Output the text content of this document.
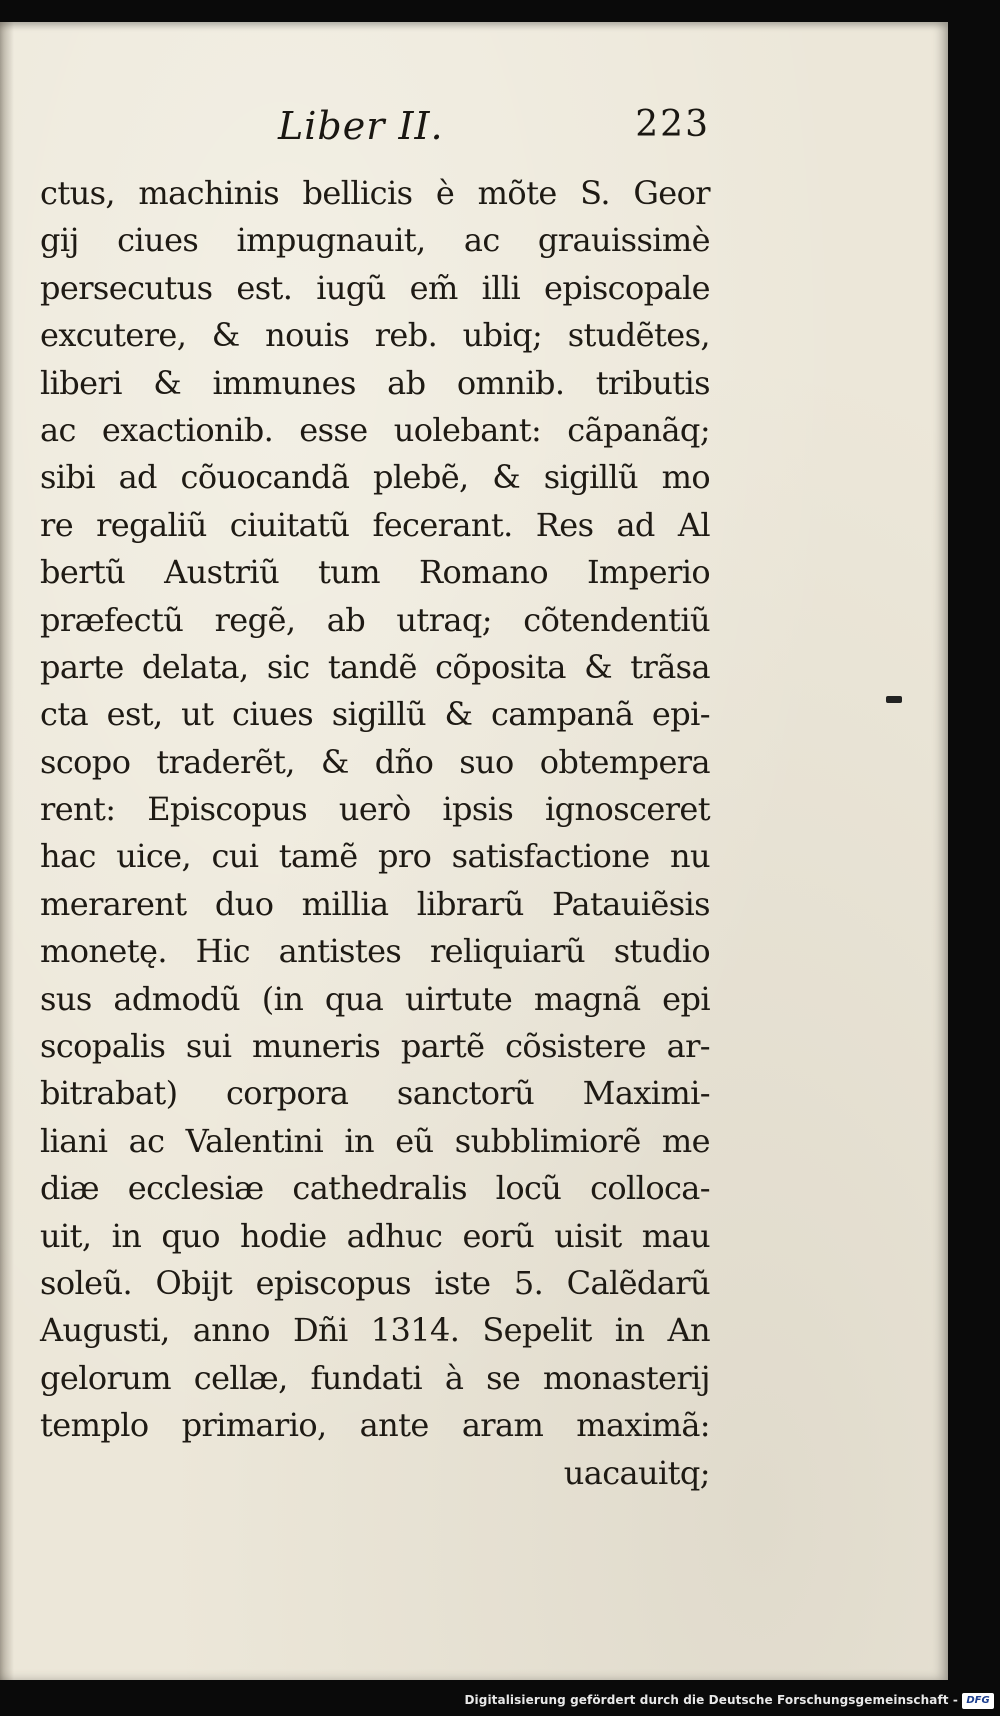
Liber II.	223
ctus, machinis bellicis è mõte S. Geor
gij ciues impugnauit, ac grauissimè
persecutus est. iugũ em̃ illi episcopale
excutere, & nouis reb. ubiq; studẽtes,
liberi & immunes ab omnib. tributis
ac exactionib. esse uolebant: cãpanãq;
sibi ad cõuocandã plebẽ, & sigillũ mo
re regaliũ ciuitatũ fecerant. Res ad Al
bertũ Austriũ tum Romano Imperio
præfectũ regẽ, ab utraq; cõtendentiũ
parte delata, sic tandẽ cõposita & trãsa
cta est, ut ciues sigillũ & campanã epi-
scopo traderẽt, & dño suo obtempera
rent: Episcopus uerò ipsis ignosceret
hac uice, cui tamẽ pro satisfactione nu
merarent duo millia librarũ Patauiẽsis
monetę. Hic antistes reliquiarũ studio
sus admodũ (in qua uirtute magnã epi
scopalis sui muneris partẽ cõsistere ar-
bitrabat) corpora sanctorũ Maximi-
liani ac Valentini in eũ subblimiorẽ me
diæ ecclesiæ cathedralis locũ colloca-
uit, in quo hodie adhuc eorũ uisit mau
soleũ. Obijt episcopus iste 5. Calẽdarũ
Augusti, anno Dñi 1314. Sepelit in An
gelorum cellæ, fundati à se monasterij
templo primario, ante aram maximã:
uacauitq;
Digitalisierung gefördert durch die Deutsche Forschungsgemeinschaft - DFG
